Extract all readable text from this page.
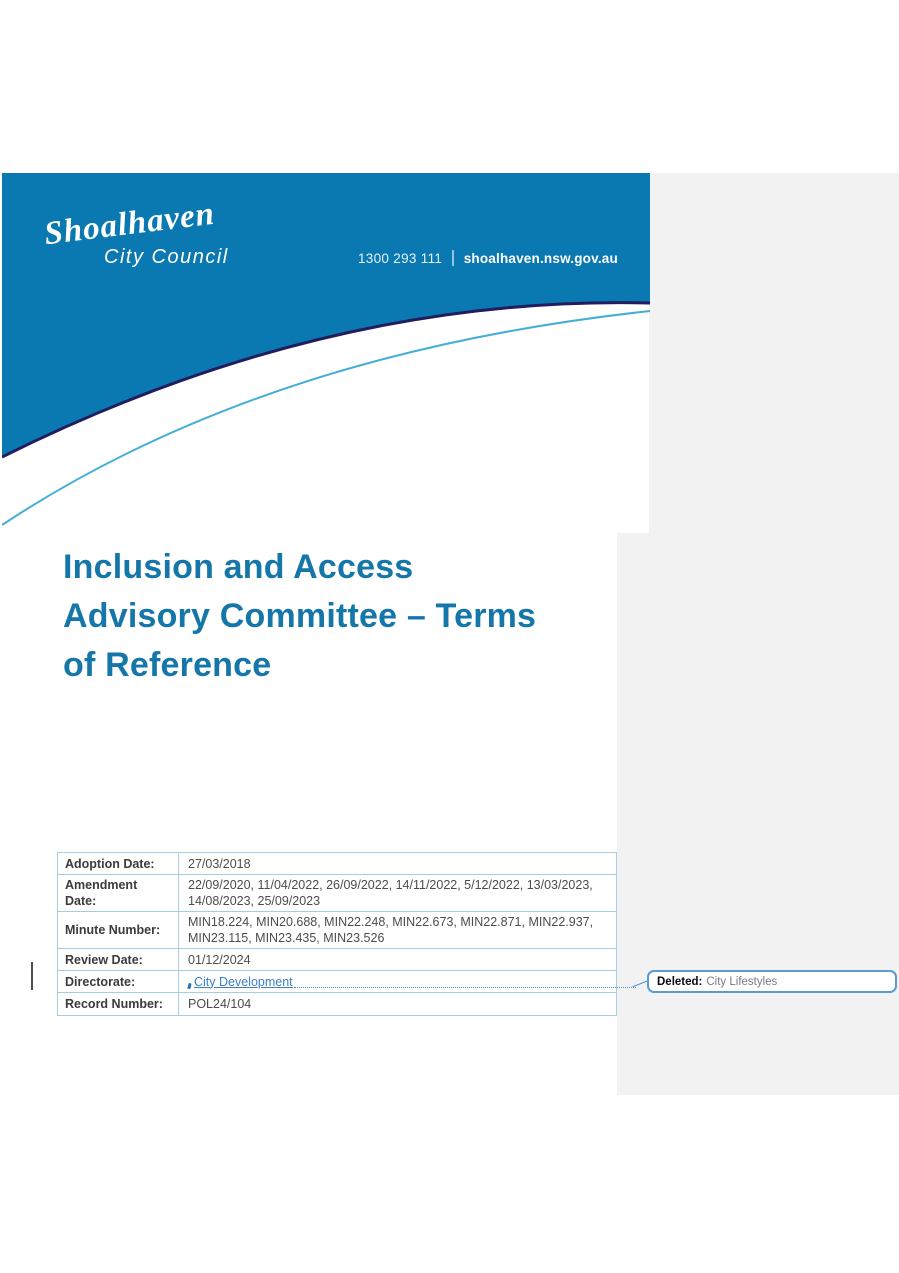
Shoalhaven
City Council	1300 293 111 shoalhaven.nsw.gov.au
Inclusion and Access
Advisory Committee – Terms
of Reference
Adoption Date:	27/03/2018
Amendment Date:	22/09/2020, 11/04/2022, 26/09/2022, 14/11/2022, 5/12/2022, 13/03/2023, 14/08/2023, 25/09/2023
Minute Number:	MIN18.224, MIN20.688, MIN22.248, MIN22.673, MIN22.871, MIN22.937, MIN23.115, MIN23.435, MIN23.526
Review Date:	01/12/2024
Directorate:	City Development
Record Number:	POL24/104
Deleted: City Lifestyles
